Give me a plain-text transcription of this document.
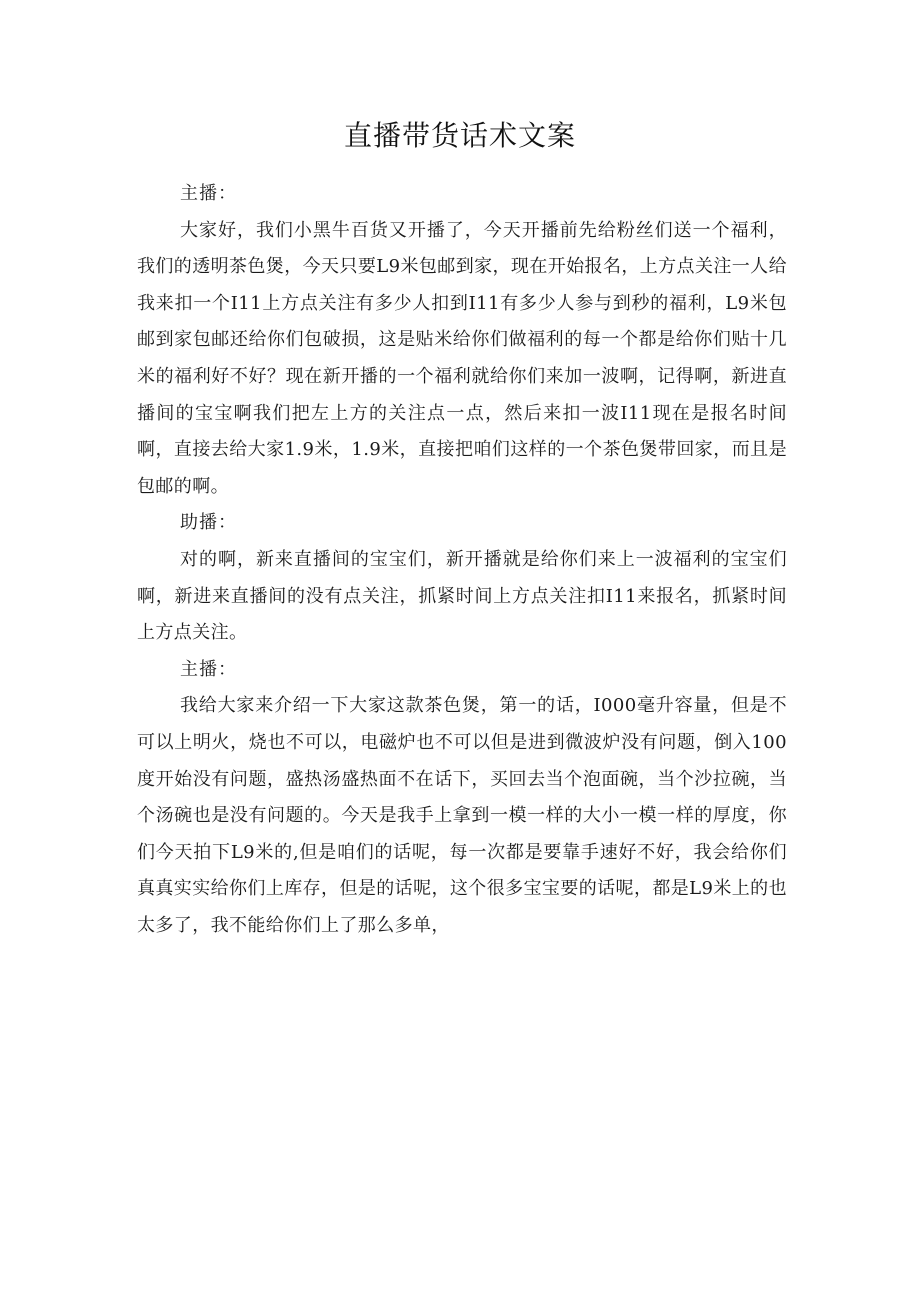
直播带货话术文案

主播：

大家好，我们小黑牛百货又开播了，今天开播前先给粉丝们送一个福利，我们的透明茶色煲，今天只要L9米包邮到家，现在开始报名，上方点关注一人给我来扣一个I11上方点关注有多少人扣到I11有多少人参与到秒的福利，L9米包邮到家包邮还给你们包破损，这是贴米给你们做福利的每一个都是给你们贴十几米的福利好不好？现在新开播的一个福利就给你们来加一波啊，记得啊，新进直播间的宝宝啊我们把左上方的关注点一点，然后来扣一波I11现在是报名时间啊，直接去给大家1.9米，1.9米，直接把咱们这样的一个茶色煲带回家，而且是包邮的啊。

助播：

对的啊，新来直播间的宝宝们，新开播就是给你们来上一波福利的宝宝们啊，新进来直播间的没有点关注，抓紧时间上方点关注扣I11来报名，抓紧时间上方点关注。

主播：

我给大家来介绍一下大家这款茶色煲，第一的话，I000毫升容量，但是不可以上明火，烧也不可以，电磁炉也不可以但是进到微波炉没有问题，倒入100度开始没有问题，盛热汤盛热面不在话下，买回去当个泡面碗，当个沙拉碗，当个汤碗也是没有问题的。今天是我手上拿到一模一样的大小一模一样的厚度，你们今天拍下L9米的,但是咱们的话呢，每一次都是要靠手速好不好，我会给你们真真实实给你们上库存，但是的话呢，这个很多宝宝要的话呢，都是L9米上的也太多了，我不能给你们上了那么多单，
